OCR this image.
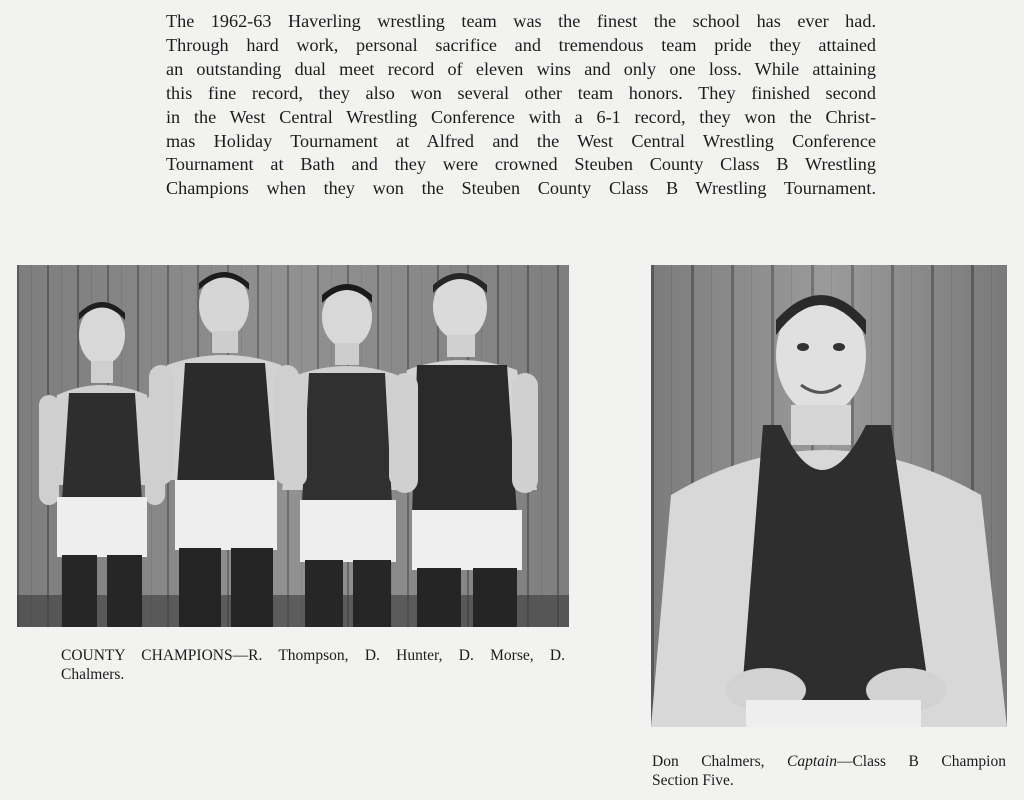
The 1962-63 Haverling wrestling team was the finest the school has ever had.
Through hard work, personal sacrifice and tremendous team pride they attained
an outstanding dual meet record of eleven wins and only one loss. While attaining
this fine record, they also won several other team honors. They finished second
in the West Central Wrestling Conference with a 6-1 record, they won the Christ-
mas Holiday Tournament at Alfred and the West Central Wrestling Conference
Tournament at Bath and they were crowned Steuben County Class B Wrestling
Champions when they won the Steuben County Class B Wrestling Tournament.

COUNTY CHAMPIONS—R. Thompson, D. Hunter, D. Morse, D.
Chalmers.

Don Chalmers, Captain—Class B Champion
Section Five.
